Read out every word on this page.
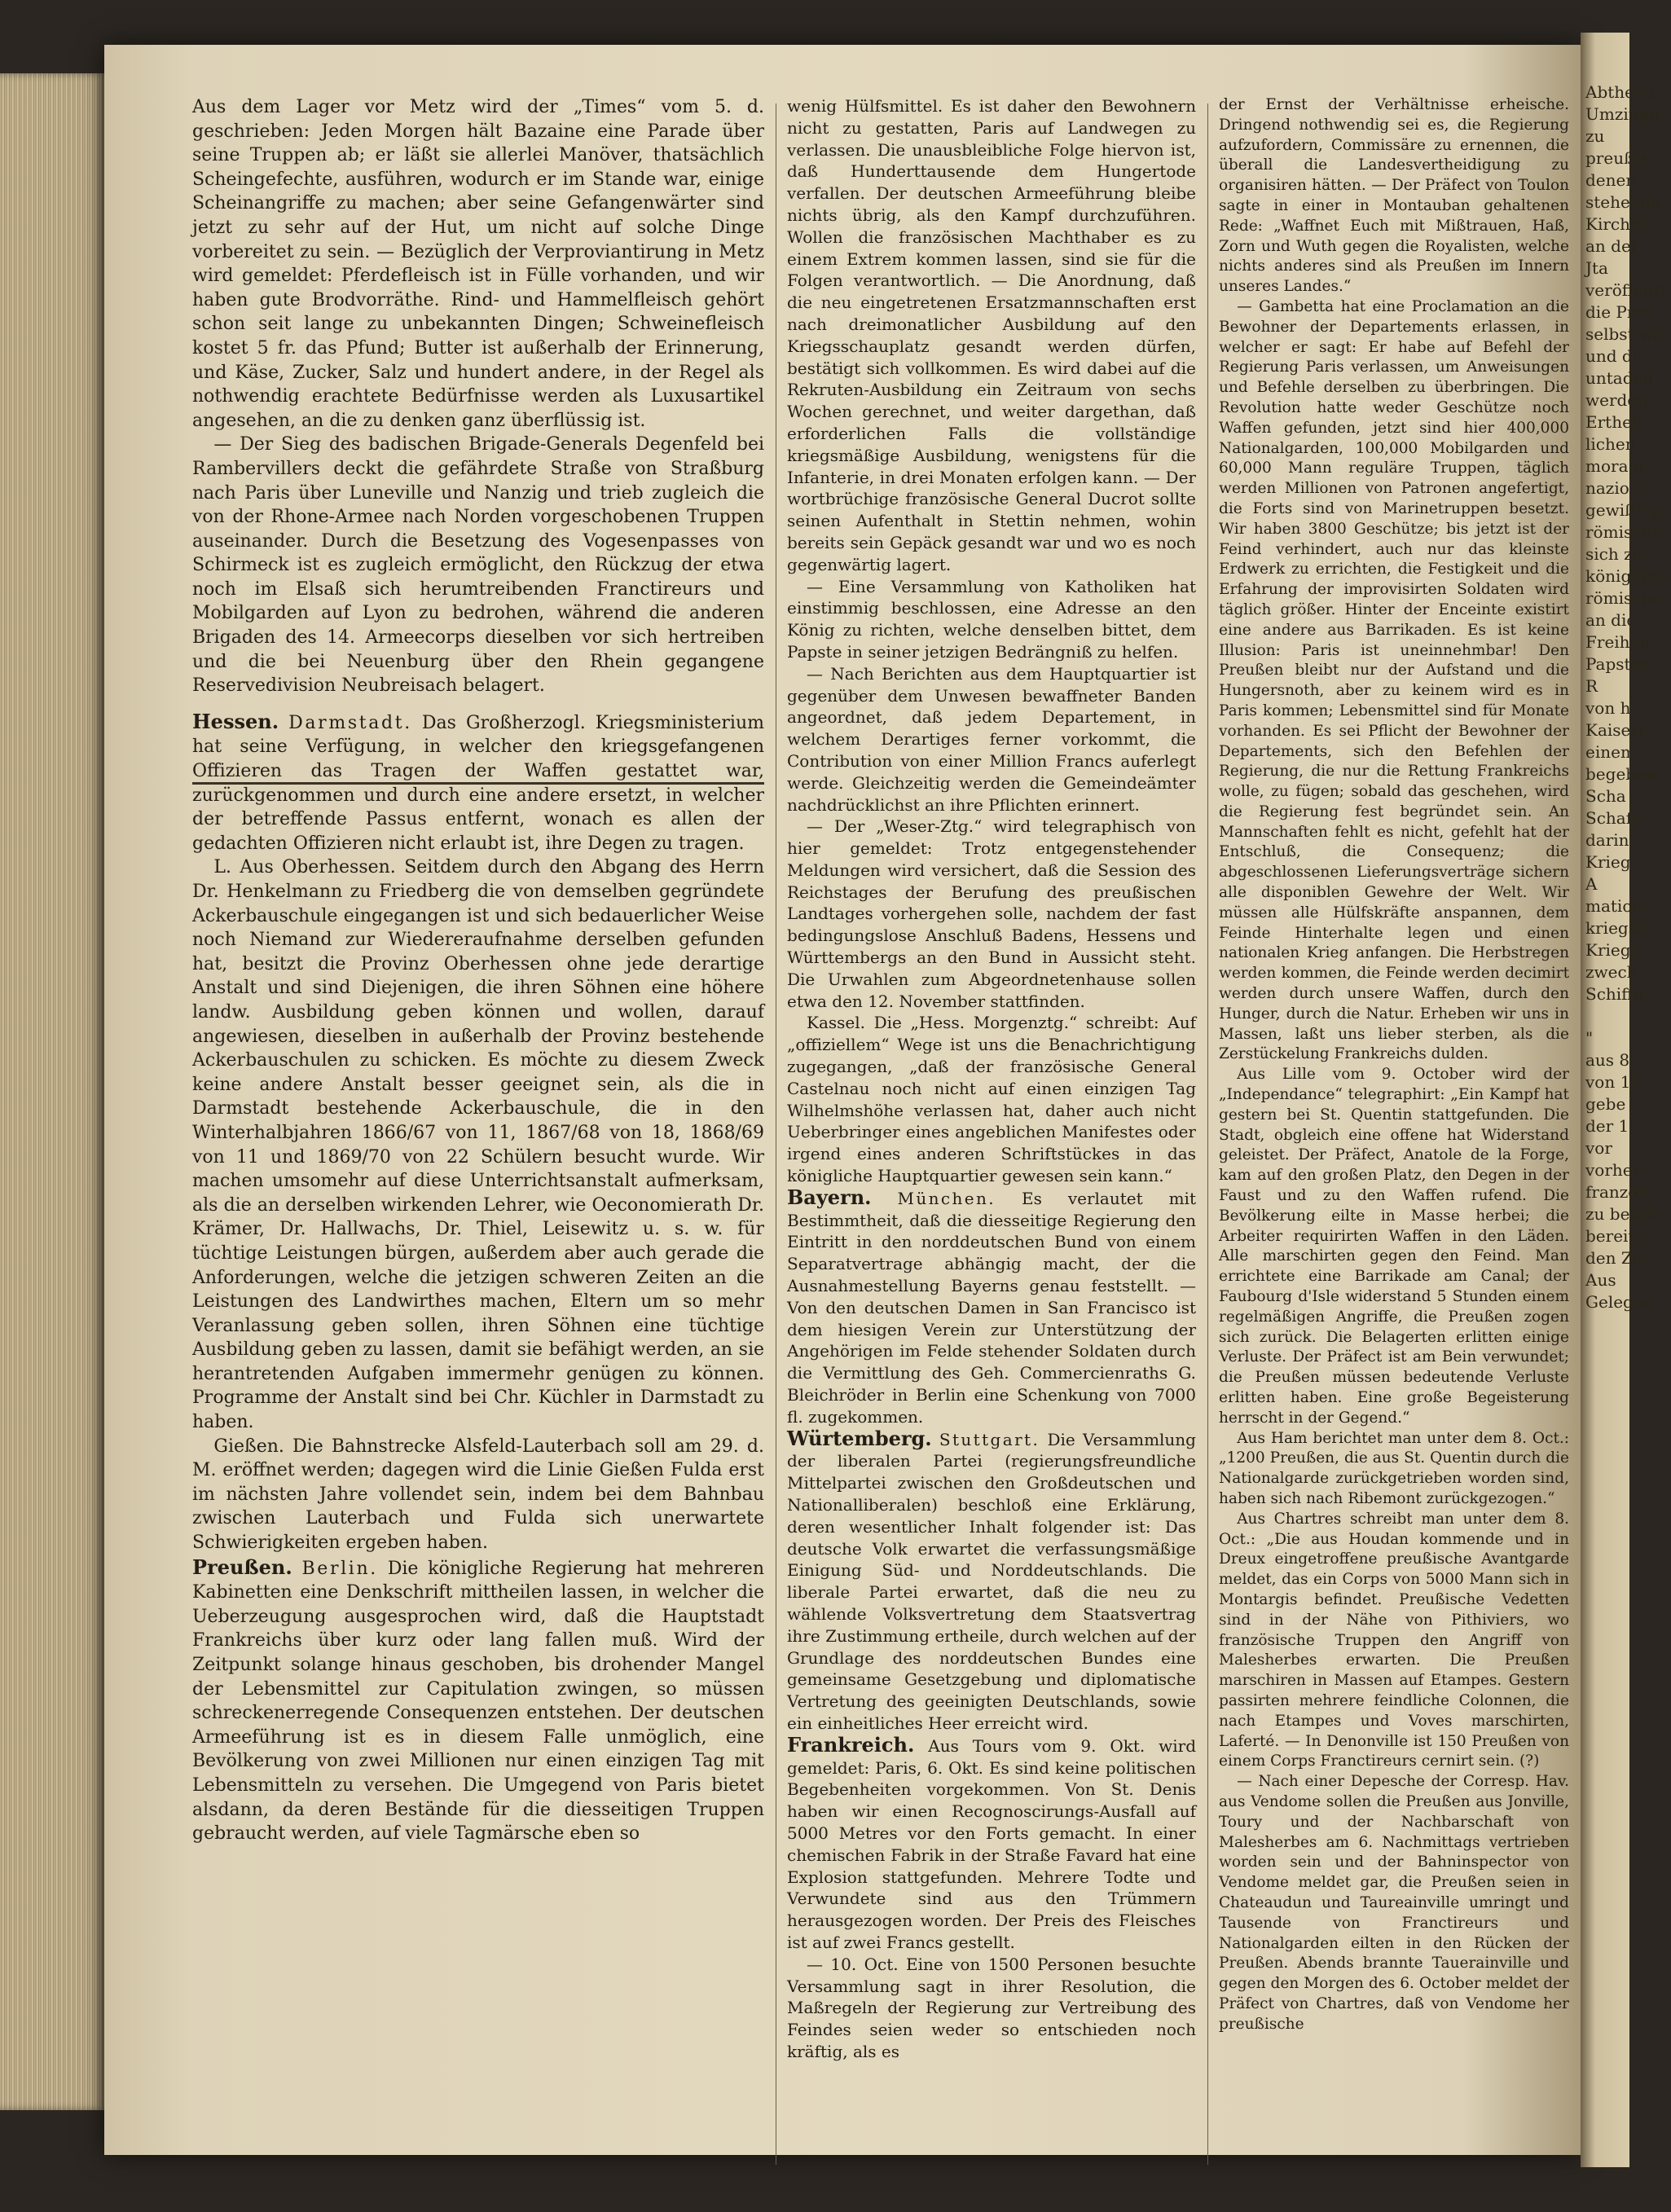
Aus dem Lager vor Metz wird der „Times“ vom 5. d. geschrieben: Jeden Morgen hält Bazaine eine Parade über seine Truppen ab; er läßt sie allerlei Manöver, thatsächlich Scheingefechte, ausführen, wodurch er im Stande war, einige Scheinangriffe zu machen; aber seine Gefangenwärter sind jetzt zu sehr auf der Hut, um nicht auf solche Dinge vorbereitet zu sein. — Bezüglich der Verproviantirung in Metz wird gemeldet: Pferdefleisch ist in Fülle vorhanden, und wir haben gute Brodvorräthe. Rind- und Hammelfleisch gehört schon seit lange zu unbekannten Dingen; Schweinefleisch kostet 5 fr. das Pfund; Butter ist außerhalb der Erinnerung, und Käse, Zucker, Salz und hundert andere, in der Regel als nothwendig erachtete Bedürfnisse werden als Luxusartikel angesehen, an die zu denken ganz überflüssig ist.

— Der Sieg des badischen Brigade-Generals Degenfeld bei Rambervillers deckt die gefährdete Straße von Straßburg nach Paris über Luneville und Nanzig und trieb zugleich die von der Rhone-Armee nach Norden vorgeschobenen Truppen auseinander. Durch die Besetzung des Vogesenpasses von Schirmeck ist es zugleich ermöglicht, den Rückzug der etwa noch im Elsaß sich herumtreibenden Franctireurs und Mobilgarden auf Lyon zu bedrohen, während die anderen Brigaden des 14. Armeecorps dieselben vor sich hertreiben und die bei Neuenburg über den Rhein gegangene Reservedivision Neubreisach belagert.

Hessen. Darmstadt. Das Großherzogl. Kriegsministerium hat seine Verfügung, in welcher den kriegsgefangenen Offizieren das Tragen der Waffen gestattet war, zurückgenommen und durch eine andere ersetzt, in welcher der betreffende Passus entfernt, wonach es allen der gedachten Offizieren nicht erlaubt ist, ihre Degen zu tragen.

L. Aus Oberhessen. Seitdem durch den Abgang des Herrn Dr. Henkelmann zu Friedberg die von demselben gegründete Ackerbauschule eingegangen ist und sich bedauerlicher Weise noch Niemand zur Wiedereraufnahme derselben gefunden hat, besitzt die Provinz Oberhessen ohne jede derartige Anstalt und sind Diejenigen, die ihren Söhnen eine höhere landw. Ausbildung geben können und wollen, darauf angewiesen, dieselben in außerhalb der Provinz bestehende Ackerbauschulen zu schicken. Es möchte zu diesem Zweck keine andere Anstalt besser geeignet sein, als die in Darmstadt bestehende Ackerbauschule, die in den Winterhalbjahren 1866/67 von 11, 1867/68 von 18, 1868/69 von 11 und 1869/70 von 22 Schülern besucht wurde. Wir machen umsomehr auf diese Unterrichtsanstalt aufmerksam, als die an derselben wirkenden Lehrer, wie Oeconomierath Dr. Krämer, Dr. Hallwachs, Dr. Thiel, Leisewitz u. s. w. für tüchtige Leistungen bürgen, außerdem aber auch gerade die Anforderungen, welche die jetzigen schweren Zeiten an die Leistungen des Landwirthes machen, Eltern um so mehr Veranlassung geben sollen, ihren Söhnen eine tüchtige Ausbildung geben zu lassen, damit sie befähigt werden, an sie herantretenden Aufgaben immermehr genügen zu können. Programme der Anstalt sind bei Chr. Küchler in Darmstadt zu haben.

Gießen. Die Bahnstrecke Alsfeld-Lauterbach soll am 29. d. M. eröffnet werden; dagegen wird die Linie Gießen Fulda erst im nächsten Jahre vollendet sein, indem bei dem Bahnbau zwischen Lauterbach und Fulda sich unerwartete Schwierigkeiten ergeben haben.

Preußen. Berlin. Die königliche Regierung hat mehreren Kabinetten eine Denkschrift mittheilen lassen, in welcher die Ueberzeugung ausgesprochen wird, daß die Hauptstadt Frankreichs über kurz oder lang fallen muß. Wird der Zeitpunkt solange hinaus geschoben, bis drohender Mangel der Lebensmittel zur Capitulation zwingen, so müssen schreckenerregende Consequenzen entstehen. Der deutschen Armeeführung ist es in diesem Falle unmöglich, eine Bevölkerung von zwei Millionen nur einen einzigen Tag mit Lebensmitteln zu versehen. Die Umgegend von Paris bietet alsdann, da deren Bestände für die diesseitigen Truppen gebraucht werden, auf viele Tagmärsche eben so

wenig Hülfsmittel. Es ist daher den Bewohnern nicht zu gestatten, Paris auf Landwegen zu verlassen. Die unausbleibliche Folge hiervon ist, daß Hunderttausende dem Hungertode verfallen. Der deutschen Armeeführung bleibe nichts übrig, als den Kampf durchzuführen. Wollen die französischen Machthaber es zu einem Extrem kommen lassen, sind sie für die Folgen verantwortlich. — Die Anordnung, daß die neu eingetretenen Ersatzmannschaften erst nach dreimonatlicher Ausbildung auf den Kriegsschauplatz gesandt werden dürfen, bestätigt sich vollkommen. Es wird dabei auf die Rekruten-Ausbildung ein Zeitraum von sechs Wochen gerechnet, und weiter dargethan, daß erforderlichen Falls die vollständige kriegsmäßige Ausbildung, wenigstens für die Infanterie, in drei Monaten erfolgen kann. — Der wortbrüchige französische General Ducrot sollte seinen Aufenthalt in Stettin nehmen, wohin bereits sein Gepäck gesandt war und wo es noch gegenwärtig lagert.

— Eine Versammlung von Katholiken hat einstimmig beschlossen, eine Adresse an den König zu richten, welche denselben bittet, dem Papste in seiner jetzigen Bedrängniß zu helfen.

— Nach Berichten aus dem Hauptquartier ist gegenüber dem Unwesen bewaffneter Banden angeordnet, daß jedem Departement, in welchem Derartiges ferner vorkommt, die Contribution von einer Million Francs auferlegt werde. Gleichzeitig werden die Gemeindeämter nachdrücklichst an ihre Pflichten erinnert.

— Der „Weser-Ztg.“ wird telegraphisch von hier gemeldet: Trotz entgegenstehender Meldungen wird versichert, daß die Session des Reichstages der Berufung des preußischen Landtages vorhergehen solle, nachdem der fast bedingungslose Anschluß Badens, Hessens und Württembergs an den Bund in Aussicht steht. Die Urwahlen zum Abgeordnetenhause sollen etwa den 12. November stattfinden.

Kassel. Die „Hess. Morgenztg.“ schreibt: Auf „offiziellem“ Wege ist uns die Benachrichtigung zugegangen, „daß der französische General Castelnau noch nicht auf einen einzigen Tag Wilhelmshöhe verlassen hat, daher auch nicht Ueberbringer eines angeblichen Manifestes oder irgend eines anderen Schriftstückes in das königliche Hauptquartier gewesen sein kann.“

Bayern. München. Es verlautet mit Bestimmtheit, daß die diesseitige Regierung den Eintritt in den norddeutschen Bund von einem Separatvertrage abhängig macht, der die Ausnahmestellung Bayerns genau feststellt. — Von den deutschen Damen in San Francisco ist dem hiesigen Verein zur Unterstützung der Angehörigen im Felde stehender Soldaten durch die Vermittlung des Geh. Commercienraths G. Bleichröder in Berlin eine Schenkung von 7000 fl. zugekommen.

Würtemberg. Stuttgart. Die Versammlung der liberalen Partei (regierungsfreundliche Mittelpartei zwischen den Großdeutschen und Nationalliberalen) beschloß eine Erklärung, deren wesentlicher Inhalt folgender ist: Das deutsche Volk erwartet die verfassungsmäßige Einigung Süd- und Norddeutschlands. Die liberale Partei erwartet, daß die neu zu wählende Volksvertretung dem Staatsvertrag ihre Zustimmung ertheile, durch welchen auf der Grundlage des norddeutschen Bundes eine gemeinsame Gesetzgebung und diplomatische Vertretung des geeinigten Deutschlands, sowie ein einheitliches Heer erreicht wird.

Frankreich. Aus Tours vom 9. Okt. wird gemeldet: Paris, 6. Okt. Es sind keine politischen Begebenheiten vorgekommen. Von St. Denis haben wir einen Recognoscirungs-Ausfall auf 5000 Metres vor den Forts gemacht. In einer chemischen Fabrik in der Straße Favard hat eine Explosion stattgefunden. Mehrere Todte und Verwundete sind aus den Trümmern herausgezogen worden. Der Preis des Fleisches ist auf zwei Francs gestellt.

— 10. Oct. Eine von 1500 Personen besuchte Versammlung sagt in ihrer Resolution, die Maßregeln der Regierung zur Vertreibung des Feindes seien weder so entschieden noch kräftig, als es

der Ernst der Verhältnisse erheische. Dringend nothwendig sei es, die Regierung aufzufordern, Commissäre zu ernennen, die überall die Landesvertheidigung zu organisiren hätten. — Der Präfect von Toulon sagte in einer in Montauban gehaltenen Rede: „Waffnet Euch mit Mißtrauen, Haß, Zorn und Wuth gegen die Royalisten, welche nichts anderes sind als Preußen im Innern unseres Landes.“

— Gambetta hat eine Proclamation an die Bewohner der Departements erlassen, in welcher er sagt: Er habe auf Befehl der Regierung Paris verlassen, um Anweisungen und Befehle derselben zu überbringen. Die Revolution hatte weder Geschütze noch Waffen gefunden, jetzt sind hier 400,000 Nationalgarden, 100,000 Mobilgarden und 60,000 Mann reguläre Truppen, täglich werden Millionen von Patronen angefertigt, die Forts sind von Marinetruppen besetzt. Wir haben 3800 Geschütze; bis jetzt ist der Feind verhindert, auch nur das kleinste Erdwerk zu errichten, die Festigkeit und die Erfahrung der improvisirten Soldaten wird täglich größer. Hinter der Enceinte existirt eine andere aus Barrikaden. Es ist keine Illusion: Paris ist uneinnehmbar! Den Preußen bleibt nur der Aufstand und die Hungersnoth, aber zu keinem wird es in Paris kommen; Lebensmittel sind für Monate vorhanden. Es sei Pflicht der Bewohner der Departements, sich den Befehlen der Regierung, die nur die Rettung Frankreichs wolle, zu fügen; sobald das geschehen, wird die Regierung fest begründet sein. An Mannschaften fehlt es nicht, gefehlt hat der Entschluß, die Consequenz; die abgeschlossenen Lieferungsverträge sichern alle disponiblen Gewehre der Welt. Wir müssen alle Hülfskräfte anspannen, dem Feinde Hinterhalte legen und einen nationalen Krieg anfangen. Die Herbstregen werden kommen, die Feinde werden decimirt werden durch unsere Waffen, durch den Hunger, durch die Natur. Erheben wir uns in Massen, laßt uns lieber sterben, als die Zerstückelung Frankreichs dulden.

Aus Lille vom 9. October wird der „Independance“ telegraphirt: „Ein Kampf hat gestern bei St. Quentin stattgefunden. Die Stadt, obgleich eine offene hat Widerstand geleistet. Der Präfect, Anatole de la Forge, kam auf den großen Platz, den Degen in der Faust und zu den Waffen rufend. Die Bevölkerung eilte in Masse herbei; die Arbeiter requirirten Waffen in den Läden. Alle marschirten gegen den Feind. Man errichtete eine Barrikade am Canal; der Faubourg d'Isle widerstand 5 Stunden einem regelmäßigen Angriffe, die Preußen zogen sich zurück. Die Belagerten erlitten einige Verluste. Der Präfect ist am Bein verwundet; die Preußen müssen bedeutende Verluste erlitten haben. Eine große Begeisterung herrscht in der Gegend.“

Aus Ham berichtet man unter dem 8. Oct.: „1200 Preußen, die aus St. Quentin durch die Nationalgarde zurückgetrieben worden sind, haben sich nach Ribemont zurückgezogen.“

Aus Chartres schreibt man unter dem 8. Oct.: „Die aus Houdan kommende und in Dreux eingetroffene preußische Avantgarde meldet, das ein Corps von 5000 Mann sich in Montargis befindet. Preußische Vedetten sind in der Nähe von Pithiviers, wo französische Truppen den Angriff von Malesherbes erwarten. Die Preußen marschiren in Massen auf Etampes. Gestern passirten mehrere feindliche Colonnen, die nach Etampes und Voves marschirten, Laferté. — In Denonville ist 150 Preußen von einem Corps Franctireurs cernirt sein. (?)

— Nach einer Depesche der Corresp. Hav. aus Vendome sollen die Preußen aus Jonville, Toury und der Nachbarschaft von Malesherbes am 6. Nachmittags vertrieben worden sein und der Bahninspector von Vendome meldet gar, die Preußen seien in Chateaudun und Taureainville umringt und Tausende von Franctireurs und Nationalgarden eilten in den Rücken der Preußen. Abends brannte Tauerainville und gegen den Morgen des 6. October meldet der Präfect von Chartres, daß von Vendome her preußische

Abtheilu
Umzinge
zu
preußisc
denen
stehende
Kirchhö
an der
Jta
veröffentl
die Prov
selbst we
und di
untadeli
werden
Ertheil
lichen
mora u
nazio e
gewiße p
römische
sich zu
königliche
römische
an die
Freiheit
Papstes
R
von hi
Kaiseri
einem
begeben
Scha
Schafs
darin
Krieg
A
mation
kriegsfü
Kriegs
zweck
Schiffe

"
aus 8
von 15
gebe
der 1
vor
vorher
franzöfi
zu besch
bereits
den Zu
Aus
Gelegen
